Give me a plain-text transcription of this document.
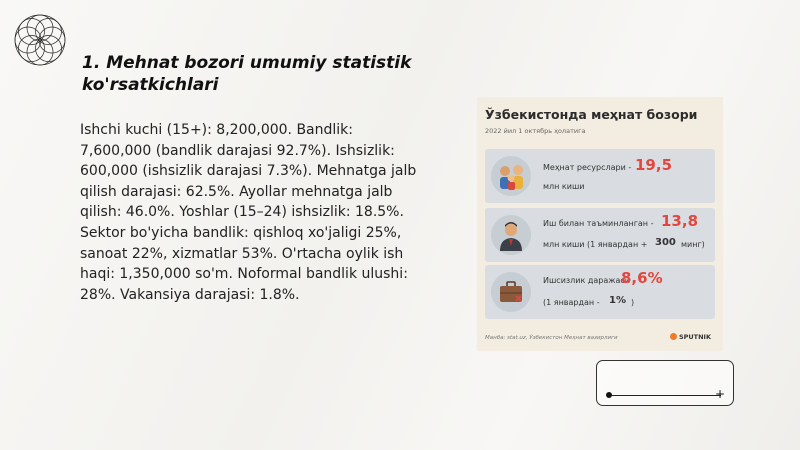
1. Mehnat bozori umumiy statistik ko'rsatkichlari
Ishchi kuchi (15+): 8,200,000. Bandlik: 7,600,000 (bandlik darajasi 92.7%). Ishsizlik: 600,000 (ishsizlik darajasi 7.3%). Mehnatga jalb qilish darajasi: 62.5%. Ayollar mehnatga jalb qilish: 46.0%. Yoshlar (15–24) ishsizlik: 18.5%. Sektor bo'yicha bandlik: qishloq xo'jaligi 25%, sanoat 22%, xizmatlar 53%. O'rtacha oylik ish haqi: 1,350,000 so'm. Noformal bandlik ulushi: 28%. Vakansiya darajasi: 1.8%.
Ўзбекистонда меҳнат бозори
2022 йил 1 октябрь ҳолатига
Меҳнат ресурслари - 19,5
млн киши
Иш билан таъминланган - 13,8
млн киши (1 январдан + 300 минг)
Ишсизлик даражаси -
8,6%
(1 январдан - 1% )
Манба: stat.uz, Ўзбекистон Меҳнат вазирлиги	SPUTNIK
+
